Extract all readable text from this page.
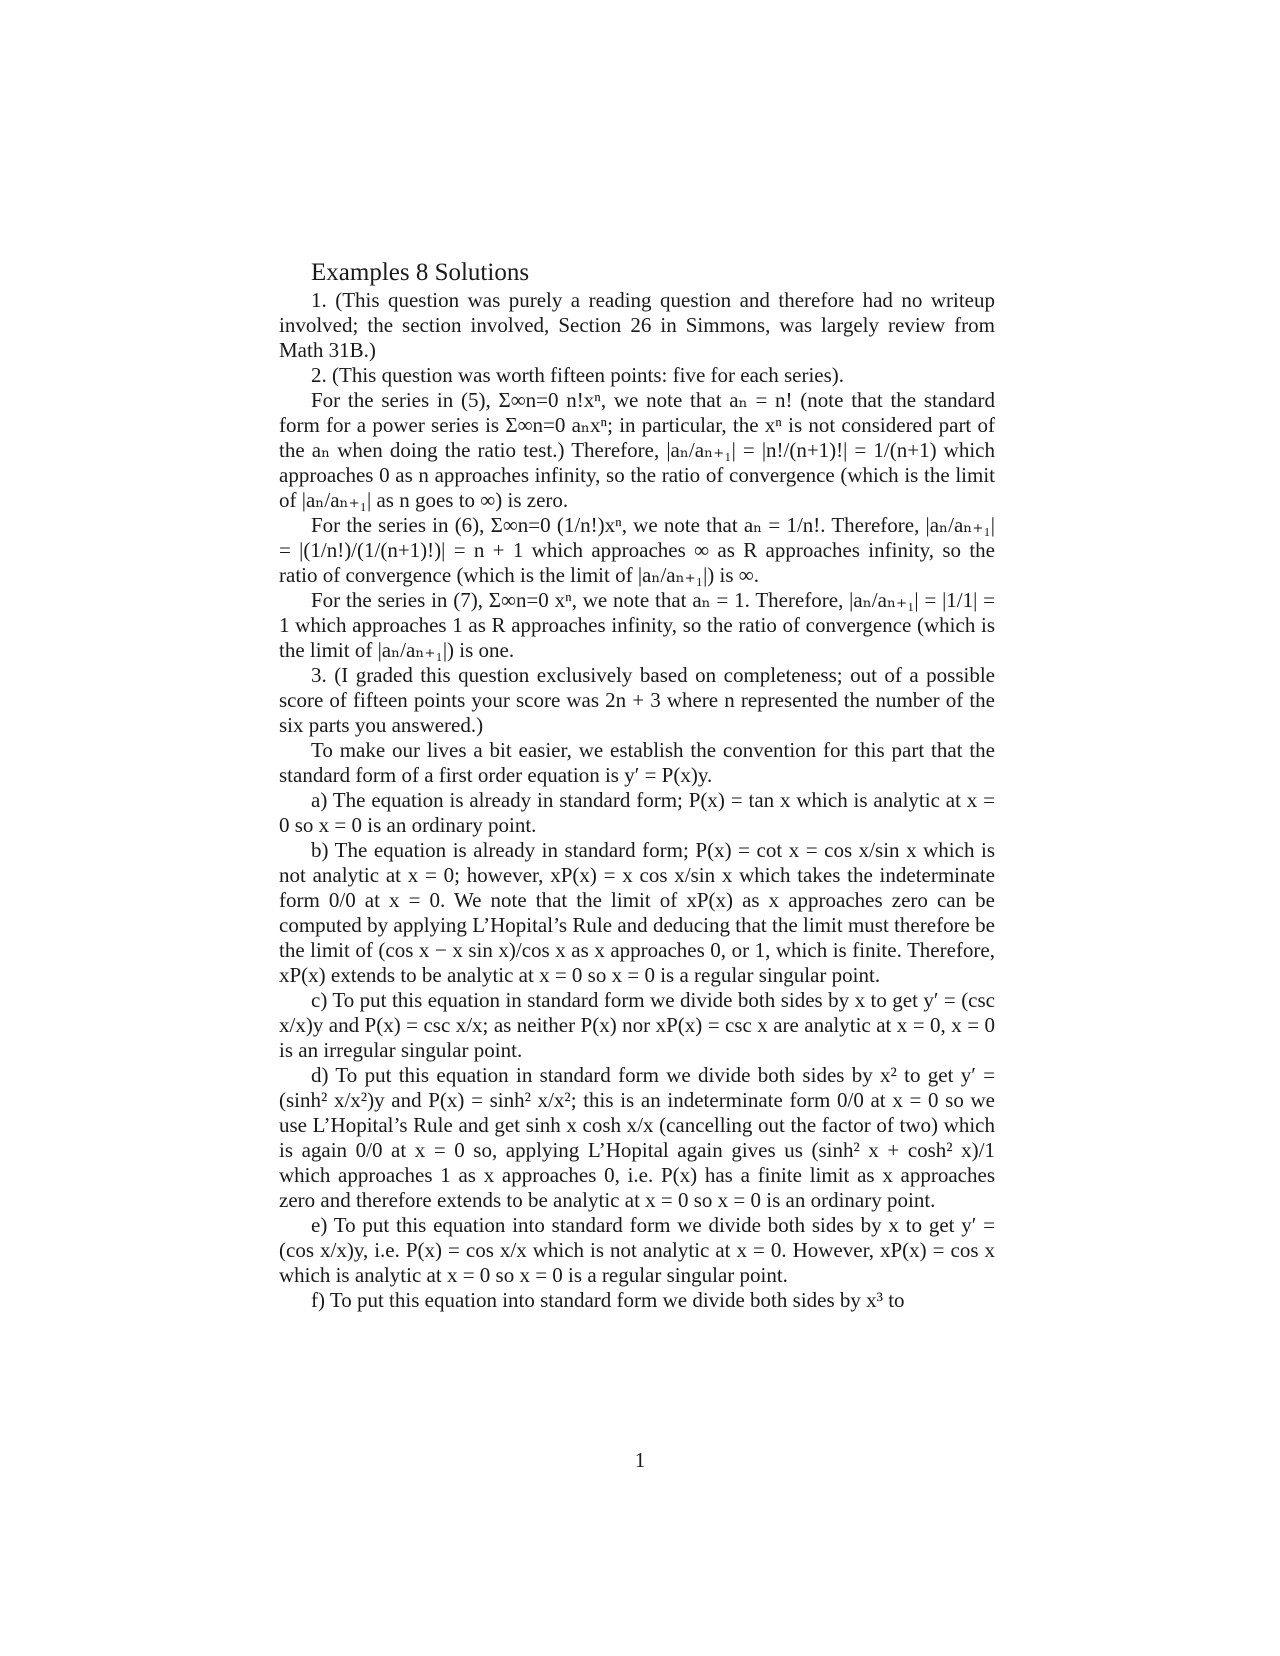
Examples 8 Solutions

1. (This question was purely a reading question and therefore had no writeup involved; the section involved, Section 26 in Simmons, was largely review from Math 31B.)

2. (This question was worth fifteen points: five for each series).

For the series in (5), Σ∞n=0 n!xⁿ, we note that aₙ = n! (note that the standard form for a power series is Σ∞n=0 aₙxⁿ; in particular, the xⁿ is not considered part of the aₙ when doing the ratio test.) Therefore, |aₙ/aₙ₊₁| = |n!/(n+1)!| = 1/(n+1) which approaches 0 as n approaches infinity, so the ratio of convergence (which is the limit of |aₙ/aₙ₊₁| as n goes to ∞) is zero.

For the series in (6), Σ∞n=0 (1/n!)xⁿ, we note that aₙ = 1/n!. Therefore, |aₙ/aₙ₊₁| = |(1/n!)/(1/(n+1)!)| = n + 1 which approaches ∞ as R approaches infinity, so the ratio of convergence (which is the limit of |aₙ/aₙ₊₁|) is ∞.

For the series in (7), Σ∞n=0 xⁿ, we note that aₙ = 1. Therefore, |aₙ/aₙ₊₁| = |1/1| = 1 which approaches 1 as R approaches infinity, so the ratio of convergence (which is the limit of |aₙ/aₙ₊₁|) is one.

3. (I graded this question exclusively based on completeness; out of a possible score of fifteen points your score was 2n + 3 where n represented the number of the six parts you answered.)

To make our lives a bit easier, we establish the convention for this part that the standard form of a first order equation is y′ = P(x)y.

a) The equation is already in standard form; P(x) = tan x which is analytic at x = 0 so x = 0 is an ordinary point.

b) The equation is already in standard form; P(x) = cot x = cos x/sin x which is not analytic at x = 0; however, xP(x) = x cos x/sin x which takes the indeterminate form 0/0 at x = 0. We note that the limit of xP(x) as x approaches zero can be computed by applying L’Hopital’s Rule and deducing that the limit must therefore be the limit of (cos x − x sin x)/cos x as x approaches 0, or 1, which is finite. Therefore, xP(x) extends to be analytic at x = 0 so x = 0 is a regular singular point.

c) To put this equation in standard form we divide both sides by x to get y′ = (csc x/x)y and P(x) = csc x/x; as neither P(x) nor xP(x) = csc x are analytic at x = 0, x = 0 is an irregular singular point.

d) To put this equation in standard form we divide both sides by x² to get y′ = (sinh² x/x²)y and P(x) = sinh² x/x²; this is an indeterminate form 0/0 at x = 0 so we use L’Hopital’s Rule and get sinh x cosh x/x (cancelling out the factor of two) which is again 0/0 at x = 0 so, applying L’Hopital again gives us (sinh² x + cosh² x)/1 which approaches 1 as x approaches 0, i.e. P(x) has a finite limit as x approaches zero and therefore extends to be analytic at x = 0 so x = 0 is an ordinary point.

e) To put this equation into standard form we divide both sides by x to get y′ = (cos x/x)y, i.e. P(x) = cos x/x which is not analytic at x = 0. However, xP(x) = cos x which is analytic at x = 0 so x = 0 is a regular singular point.

f) To put this equation into standard form we divide both sides by x³ to

1
